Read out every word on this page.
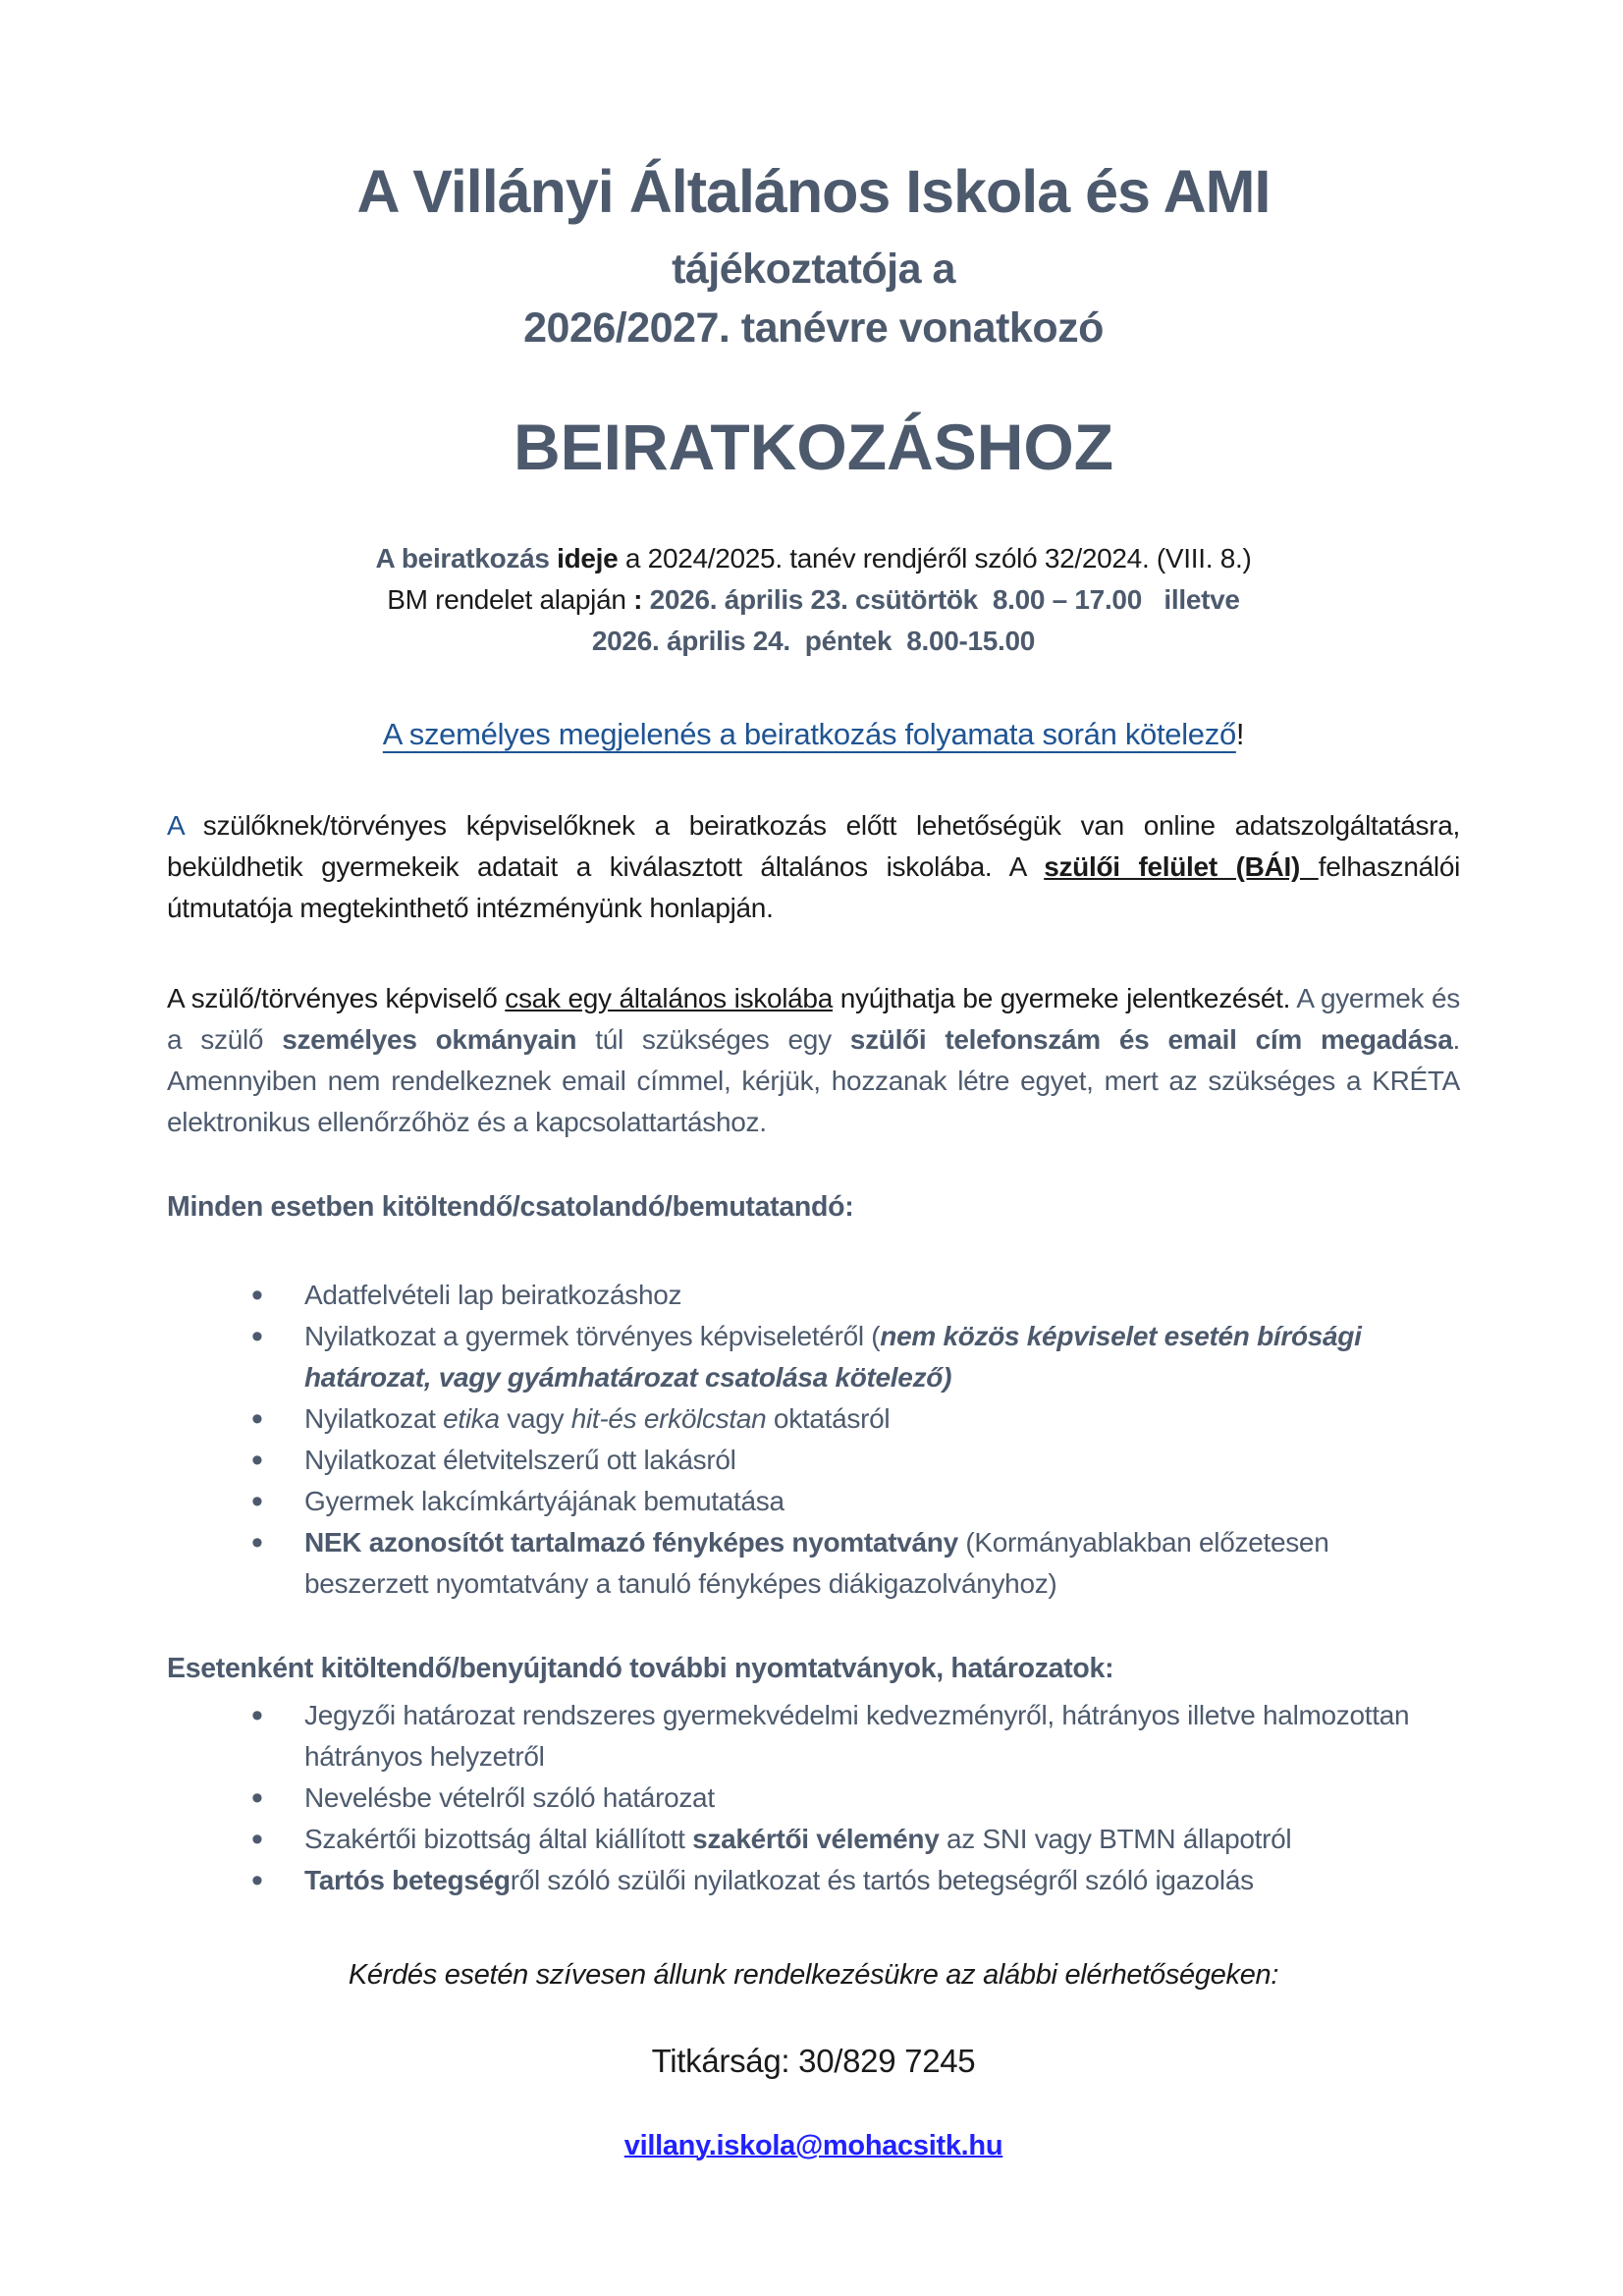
A Villányi Általános Iskola és AMI

tájékoztatója a

2026/2027. tanévre vonatkozó

BEIRATKOZÁSHOZ

A beiratkozás ideje a 2024/2025. tanév rendjéről szóló 32/2024. (VIII. 8.)

BM rendelet alapján : 2026. április 23. csütörtök  8.00 – 17.00   illetve

2026. április 24.  péntek  8.00-15.00

A személyes megjelenés a beiratkozás folyamata során kötelező!

A szülőknek/törvényes képviselőknek a beiratkozás előtt lehetőségük van online adatszolgáltatásra, beküldhetik gyermekeik adatait a kiválasztott általános iskolába. A szülői felület (BÁI) felhasználói útmutatója megtekinthető intézményünk honlapján.

A szülő/törvényes képviselő csak egy általános iskolába nyújthatja be gyermeke jelentkezését. A gyermek és a szülő személyes okmányain túl szükséges egy szülői telefonszám és email cím megadása. Amennyiben nem rendelkeznek email címmel, kérjük, hozzanak létre egyet, mert az szükséges a KRÉTA elektronikus ellenőrzőhöz és a kapcsolattartáshoz.

Minden esetben kitöltendő/csatolandó/bemutatandó:

• Adatfelvételi lap beiratkozáshoz
• Nyilatkozat a gyermek törvényes képviseletéről (nem közös képviselet esetén bírósági határozat, vagy gyámhatározat csatolása kötelező)
• Nyilatkozat etika vagy hit-és erkölcstan oktatásról
• Nyilatkozat életvitelszerű ott lakásról
• Gyermek lakcímkártyájának bemutatása
• NEK azonosítót tartalmazó fényképes nyomtatvány (Kormányablakban előzetesen beszerzett nyomtatvány a tanuló fényképes diákigazolványhoz)

Esetenként kitöltendő/benyújtandó további nyomtatványok, határozatok:

• Jegyzői határozat rendszeres gyermekvédelmi kedvezményről, hátrányos illetve halmozottan hátrányos helyzetről
• Nevelésbe vételről szóló határozat
• Szakértői bizottság által kiállított szakértői vélemény az SNI vagy BTMN állapotról
• Tartós betegségről szóló szülői nyilatkozat és tartós betegségről szóló igazolás

Kérdés esetén szívesen állunk rendelkezésükre az alábbi elérhetőségeken:

Titkárság: 30/829 7245

villany.iskola@mohacsitk.hu
